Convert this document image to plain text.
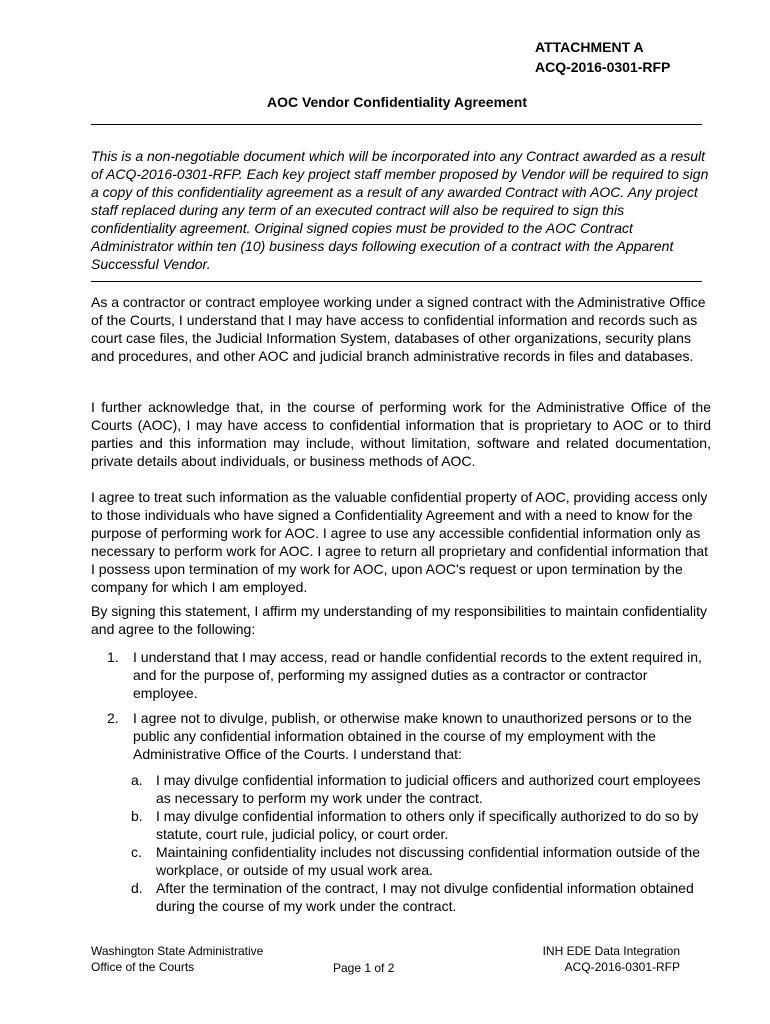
ATTACHMENT A
ACQ-2016-0301-RFP
AOC Vendor Confidentiality Agreement
This is a non-negotiable document which will be incorporated into any Contract awarded as a result of ACQ-2016-0301-RFP. Each key project staff member proposed by Vendor will be required to sign a copy of this confidentiality agreement as a result of any awarded Contract with AOC. Any project staff replaced during any term of an executed contract will also be required to sign this confidentiality agreement. Original signed copies must be provided to the AOC Contract Administrator within ten (10) business days following execution of a contract with the Apparent Successful Vendor.
As a contractor or contract employee working under a signed contract with the Administrative Office of the Courts, I understand that I may have access to confidential information and records such as court case files, the Judicial Information System, databases of other organizations, security plans and procedures, and other AOC and judicial branch administrative records in files and databases.
I further acknowledge that, in the course of performing work for the Administrative Office of the Courts (AOC), I may have access to confidential information that is proprietary to AOC or to third parties and this information may include, without limitation, software and related documentation, private details about individuals, or business methods of AOC.
I agree to treat such information as the valuable confidential property of AOC, providing access only to those individuals who have signed a Confidentiality Agreement and with a need to know for the purpose of performing work for AOC. I agree to use any accessible confidential information only as necessary to perform work for AOC. I agree to return all proprietary and confidential information that I possess upon termination of my work for AOC, upon AOC's request or upon termination by the company for which I am employed.
By signing this statement, I affirm my understanding of my responsibilities to maintain confidentiality and agree to the following:
1.	I understand that I may access, read or handle confidential records to the extent required in, and for the purpose of, performing my assigned duties as a contractor or contractor employee.
2.	I agree not to divulge, publish, or otherwise make known to unauthorized persons or to the public any confidential information obtained in the course of my employment with the Administrative Office of the Courts. I understand that:
a. I may divulge confidential information to judicial officers and authorized court employees as necessary to perform my work under the contract.
b. I may divulge confidential information to others only if specifically authorized to do so by statute, court rule, judicial policy, or court order.
c.	Maintaining confidentiality includes not discussing confidential information outside of the workplace, or outside of my usual work area.
d. After the termination of the contract, I may not divulge confidential information obtained during the course of my work under the contract.
Washington State Administrative
Office of the Courts	Page 1 of 2
INH EDE Data Integration
ACQ-2016-0301-RFP
